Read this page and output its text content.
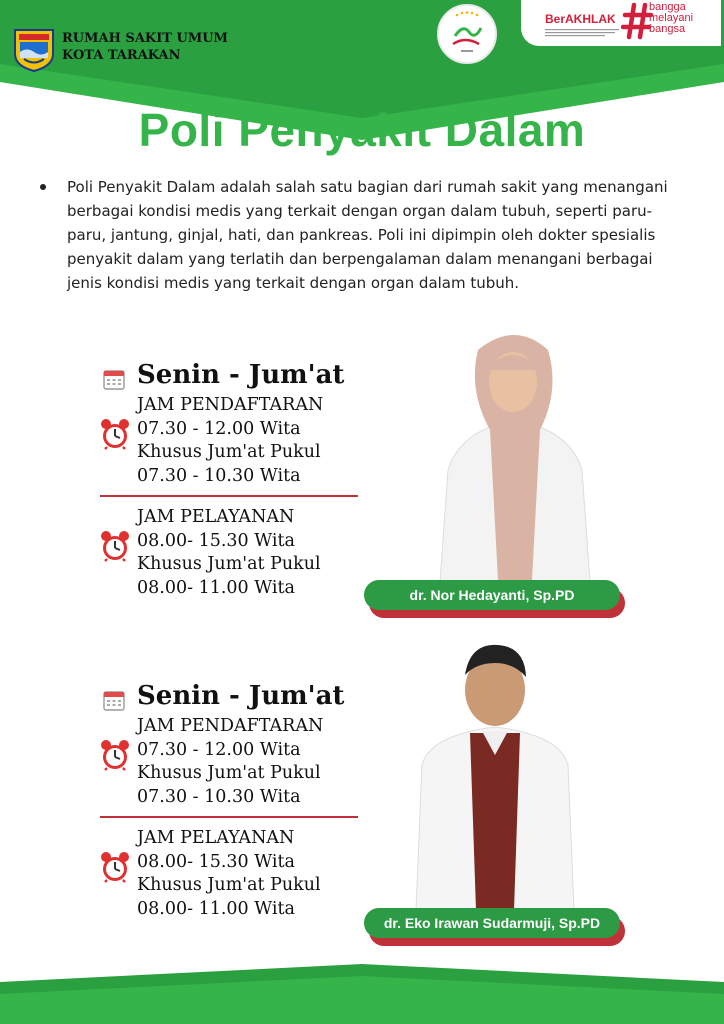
RUMAH SAKIT UMUM
KOTA TARAKAN
BerAKHLAK
bangga
melayani
bangsa
Poli Penyakit Dalam
Poli Penyakit Dalam adalah salah satu bagian dari rumah sakit yang menangani berbagai kondisi medis yang terkait dengan organ dalam tubuh, seperti paru-paru, jantung, ginjal, hati, dan pankreas. Poli ini dipimpin oleh dokter spesialis penyakit dalam yang terlatih dan berpengalaman dalam menangani berbagai jenis kondisi medis yang terkait dengan organ dalam tubuh.
Senin - Jum'at
JAM PENDAFTARAN
07.30 - 12.00 Wita
Khusus Jum'at Pukul
07.30 - 10.30 Wita
JAM PELAYANAN
08.00- 15.30 Wita
Khusus Jum'at Pukul
08.00- 11.00 Wita	dr. Nor Hedayanti, Sp.PD
Senin - Jum'at
JAM PENDAFTARAN
07.30 - 12.00 Wita
Khusus Jum'at Pukul
07.30 - 10.30 Wita
JAM PELAYANAN
08.00- 15.30 Wita
Khusus Jum'at Pukul
08.00- 11.00 Wita
dr. Eko Irawan Sudarmuji, Sp.PD
